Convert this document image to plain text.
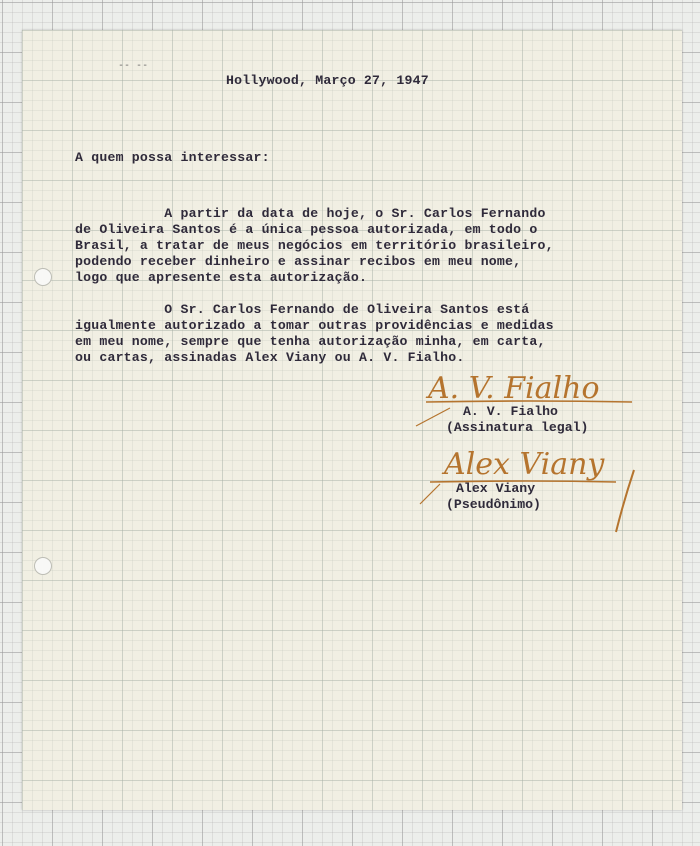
-- --
Hollywood, Março 27, 1947
A quem possa interessar:
A partir da data de hoje, o Sr. Carlos Fernando
de Oliveira Santos é a única pessoa autorizada, em todo o
Brasil, a tratar de meus negócios em território brasileiro,
podendo receber dinheiro e assinar recibos em meu nome,
logo que apresente esta autorização.
O Sr. Carlos Fernando de Oliveira Santos está
igualmente autorizado a tomar outras providências e medidas
em meu nome, sempre que tenha autorização minha, em carta,
ou cartas, assinadas Alex Viany ou A. V. Fialho.
A. V. Fialho
A. V. Fialho
(Assinatura legal)
Alex Viany
Alex Viany
(Pseudônimo)
